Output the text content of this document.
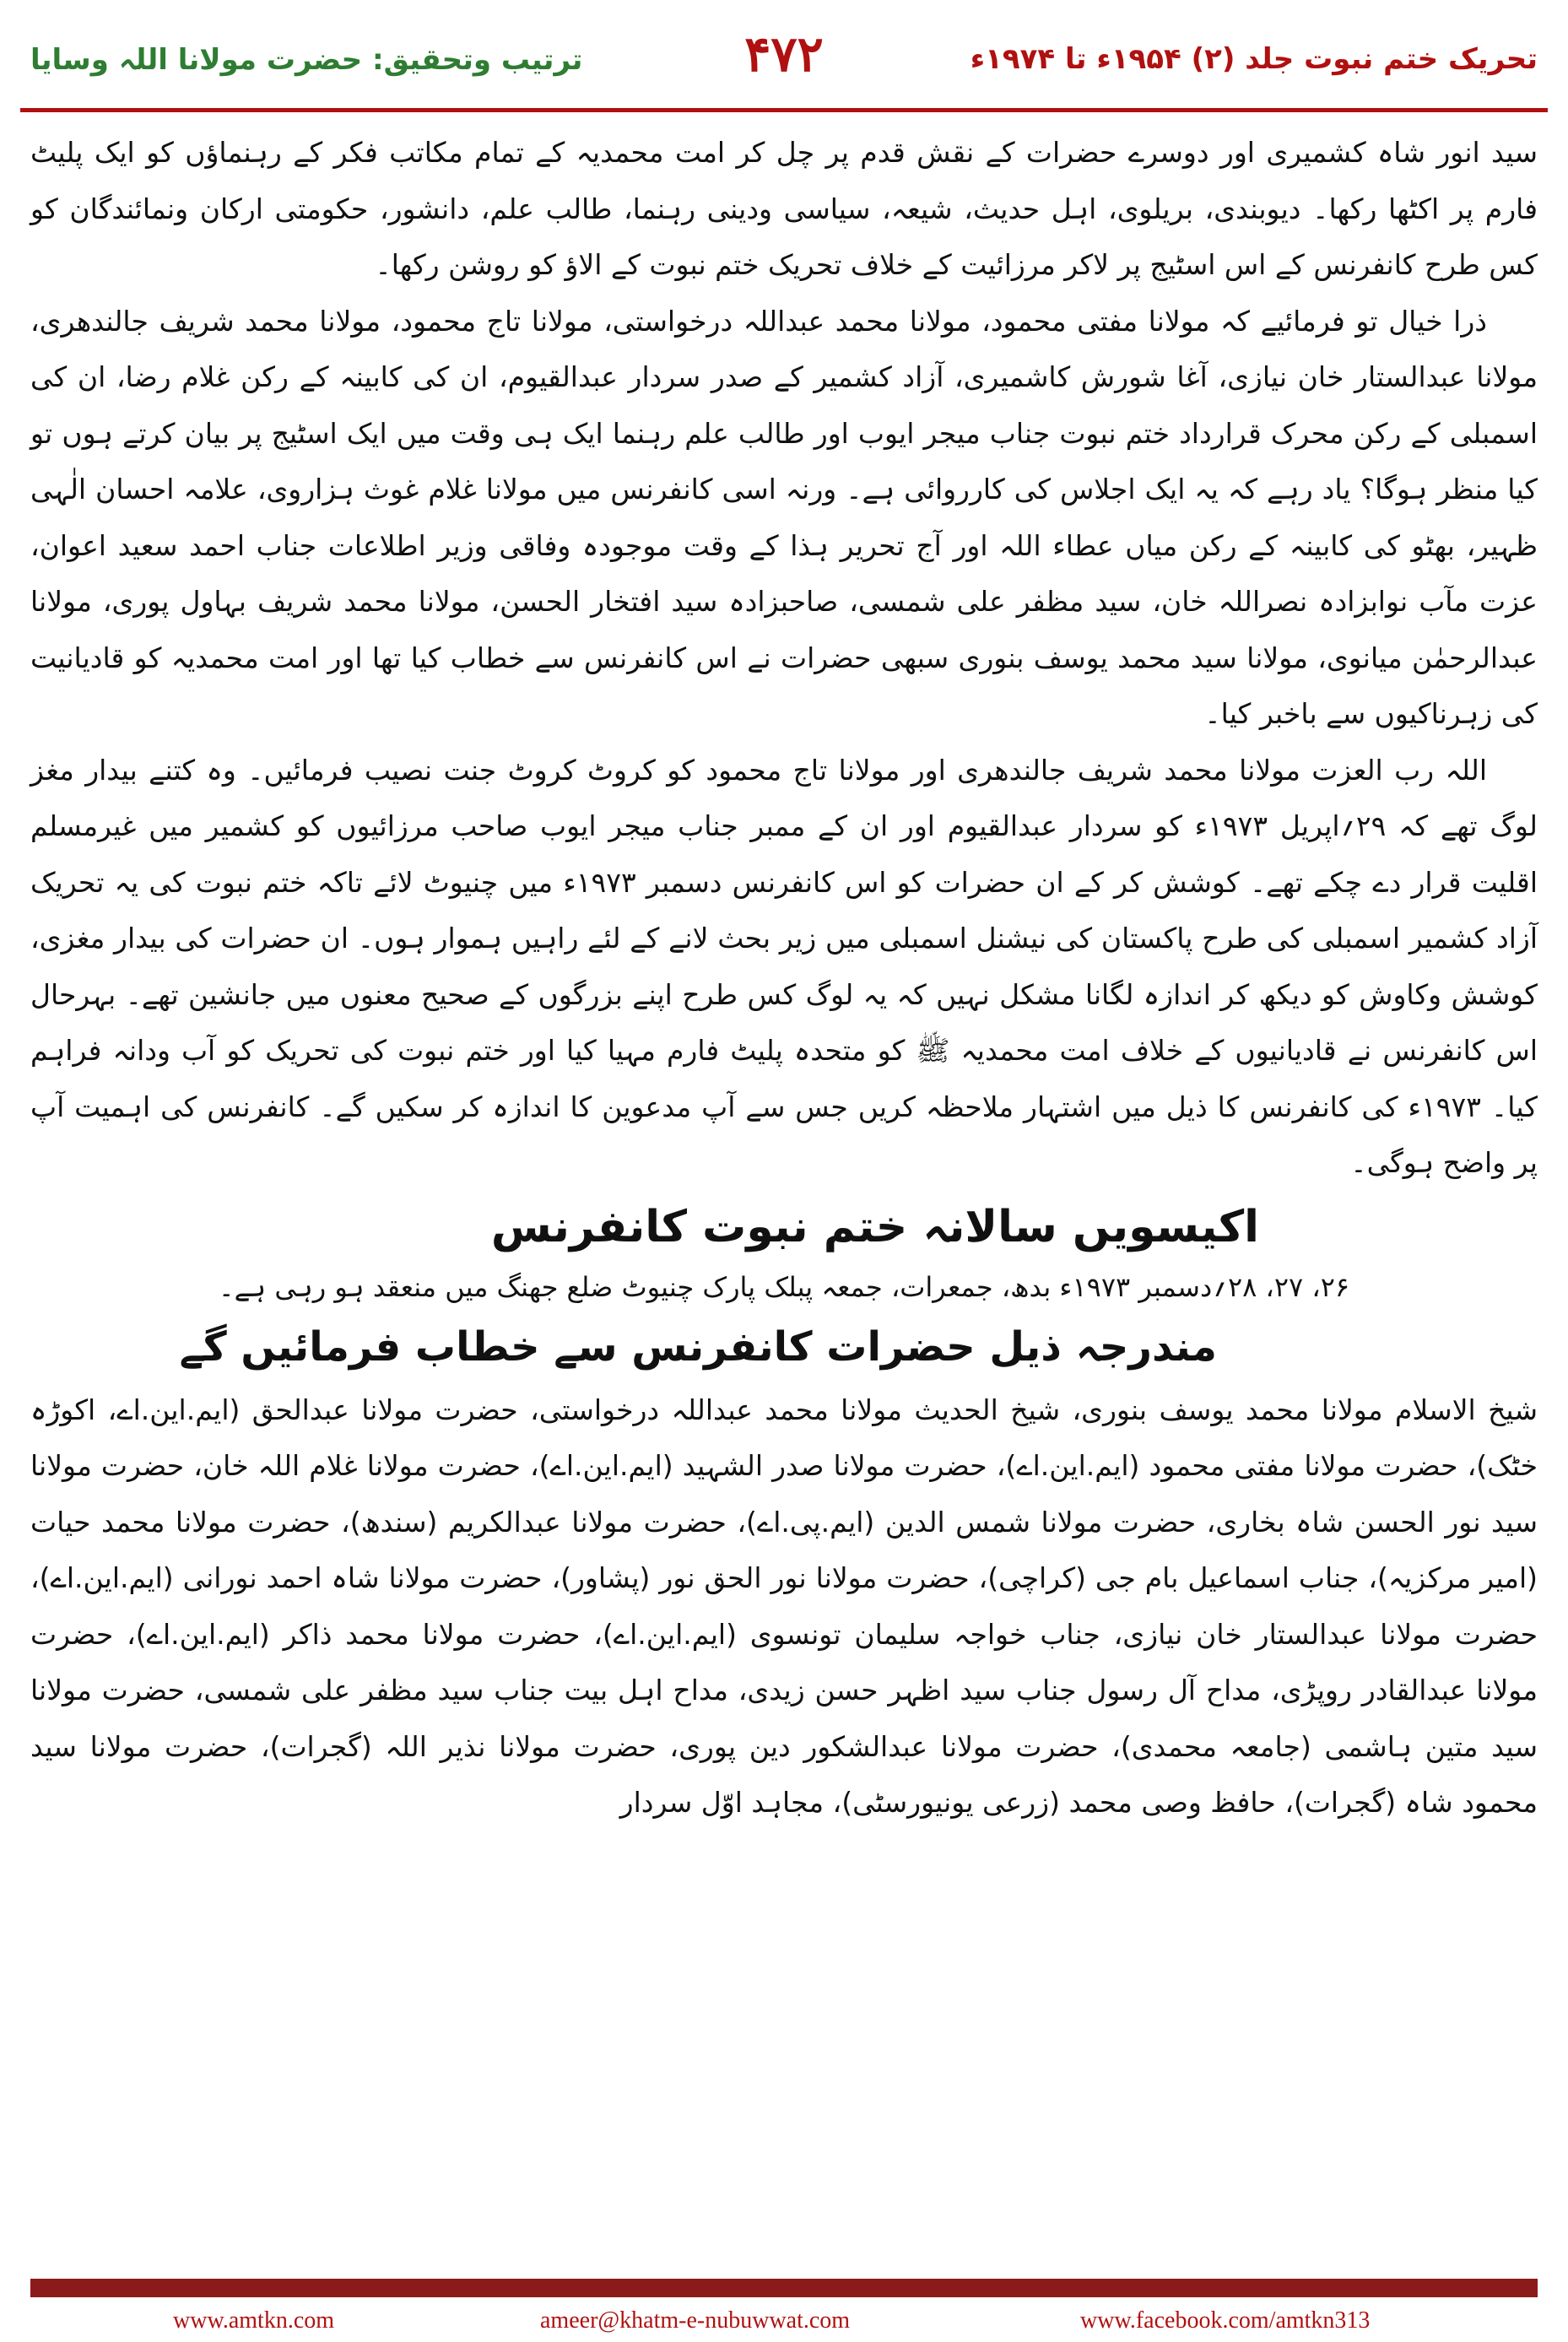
ترتیب وتحقیق: حضرت مولانا اللہ وسایا	۴۷۲	تحریک ختم نبوت جلد (۲) ۱۹۵۴ء تا ۱۹۷۴ء

سید انور شاہ کشمیری اور دوسرے حضرات کے نقش قدم پر چل کر امت محمدیہ کے تمام مکاتب فکر کے رہنماؤں کو ایک پلیٹ فارم پر اکٹھا رکھا۔ دیوبندی، بریلوی، اہل حدیث، شیعہ، سیاسی ودینی رہنما، طالب علم، دانشور، حکومتی ارکان ونمائندگان کو کس طرح کانفرنس کے اس اسٹیج پر لاکر مرزائیت کے خلاف تحریک ختم نبوت کے الاؤ کو روشن رکھا۔

ذرا خیال تو فرمائیے کہ مولانا مفتی محمود، مولانا محمد عبداللہ درخواستی، مولانا تاج محمود، مولانا محمد شریف جالندھری، مولانا عبدالستار خان نیازی، آغا شورش کاشمیری، آزاد کشمیر کے صدر سردار عبدالقیوم، ان کی کابینہ کے رکن غلام رضا، ان کی اسمبلی کے رکن محرک قرارداد ختم نبوت جناب میجر ایوب اور طالب علم رہنما ایک ہی وقت میں ایک اسٹیج پر بیان کرتے ہوں تو کیا منظر ہوگا؟ یاد رہے کہ یہ ایک اجلاس کی کارروائی ہے۔ ورنہ اسی کانفرنس میں مولانا غلام غوث ہزاروی، علامہ احسان الٰہی ظہیر، بھٹو کی کابینہ کے رکن میاں عطاء اللہ اور آج تحریر ہذا کے وقت موجودہ وفاقی وزیر اطلاعات جناب احمد سعید اعوان، عزت مآب نوابزادہ نصراللہ خان، سید مظفر علی شمسی، صاحبزادہ سید افتخار الحسن، مولانا محمد شریف بہاول پوری، مولانا عبدالرحمٰن میانوی، مولانا سید محمد یوسف بنوری سبھی حضرات نے اس کانفرنس سے خطاب کیا تھا اور امت محمدیہ کو قادیانیت کی زہرناکیوں سے باخبر کیا۔

اللہ رب العزت مولانا محمد شریف جالندھری اور مولانا تاج محمود کو کروٹ کروٹ جنت نصیب فرمائیں۔ وہ کتنے بیدار مغز لوگ تھے کہ ۲۹؍اپریل ۱۹۷۳ء کو سردار عبدالقیوم اور ان کے ممبر جناب میجر ایوب صاحب مرزائیوں کو کشمیر میں غیرمسلم اقلیت قرار دے چکے تھے۔ کوشش کر کے ان حضرات کو اس کانفرنس دسمبر ۱۹۷۳ء میں چنیوٹ لائے تاکہ ختم نبوت کی یہ تحریک آزاد کشمیر اسمبلی کی طرح پاکستان کی نیشنل اسمبلی میں زیر بحث لانے کے لئے راہیں ہموار ہوں۔ ان حضرات کی بیدار مغزی، کوشش وکاوش کو دیکھ کر اندازہ لگانا مشکل نہیں کہ یہ لوگ کس طرح اپنے بزرگوں کے صحیح معنوں میں جانشین تھے۔ بہرحال اس کانفرنس نے قادیانیوں کے خلاف امت محمدیہ ﷺ کو متحدہ پلیٹ فارم مہیا کیا اور ختم نبوت کی تحریک کو آب ودانہ فراہم کیا۔ ۱۹۷۳ء کی کانفرنس کا ذیل میں اشتہار ملاحظہ کریں جس سے آپ مدعوین کا اندازہ کر سکیں گے۔ کانفرنس کی اہمیت آپ پر واضح ہوگی۔

اکیسویں سالانہ ختم نبوت کانفرنس
۲۶، ۲۷، ۲۸؍دسمبر ۱۹۷۳ء بدھ، جمعرات، جمعہ پبلک پارک چنیوٹ ضلع جھنگ میں منعقد ہو رہی ہے۔
مندرجہ ذیل حضرات کانفرنس سے خطاب فرمائیں گے

شیخ الاسلام مولانا محمد یوسف بنوری، شیخ الحدیث مولانا محمد عبداللہ درخواستی، حضرت مولانا عبدالحق (ایم.این.اے، اکوڑہ خٹک)، حضرت مولانا مفتی محمود (ایم.این.اے)، حضرت مولانا صدر الشہید (ایم.این.اے)، حضرت مولانا غلام اللہ خان، حضرت مولانا سید نور الحسن شاہ بخاری، حضرت مولانا شمس الدین (ایم.پی.اے)، حضرت مولانا عبدالکریم (سندھ)، حضرت مولانا محمد حیات (امیر مرکزیہ)، جناب اسماعیل بام جی (کراچی)، حضرت مولانا نور الحق نور (پشاور)، حضرت مولانا شاہ احمد نورانی (ایم.این.اے)، حضرت مولانا عبدالستار خان نیازی، جناب خواجہ سلیمان تونسوی (ایم.این.اے)، حضرت مولانا محمد ذاکر (ایم.این.اے)، حضرت مولانا عبدالقادر روپڑی، مداح آل رسول جناب سید اظہر حسن زیدی، مداح اہل بیت جناب سید مظفر علی شمسی، حضرت مولانا سید متین ہاشمی (جامعہ محمدی)، حضرت مولانا عبدالشکور دین پوری، حضرت مولانا نذیر اللہ (گجرات)، حضرت مولانا سید محمود شاہ (گجرات)، حافظ وصی محمد (زرعی یونیورسٹی)، مجاہد اوّل سردار

www.amtkn.com	ameer@khatm-e-nubuwwat.com	www.facebook.com/amtkn313
